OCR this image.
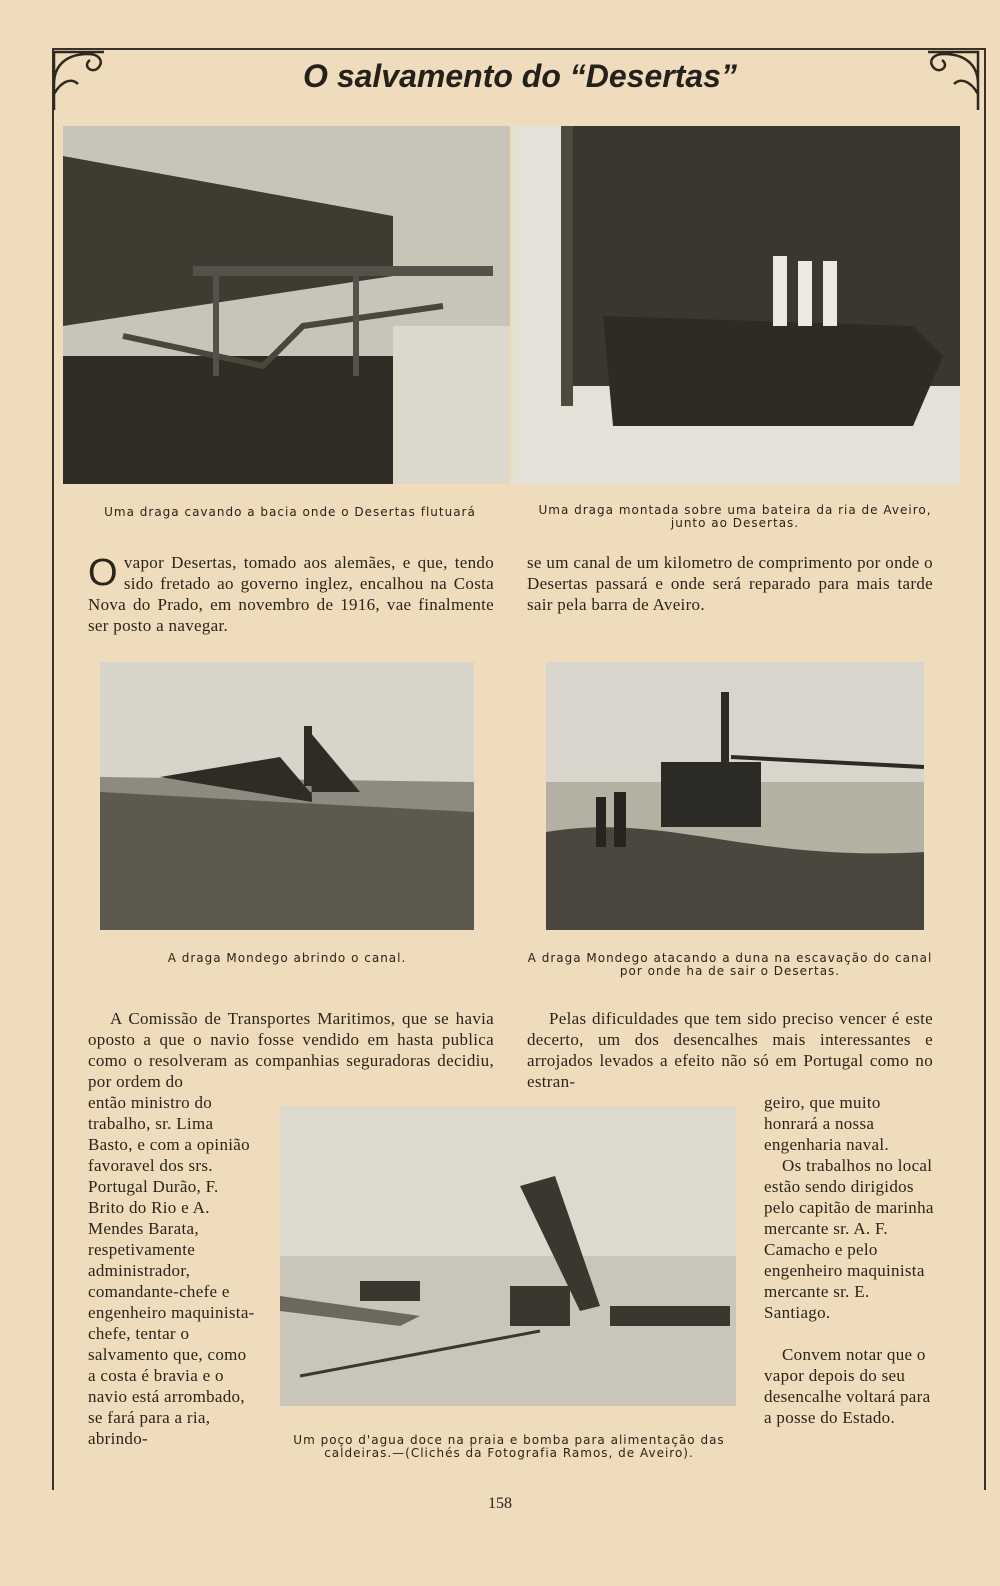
O salvamento do “Desertas”
Uma draga cavando a bacia onde o Desertas flutuará	Uma draga montada sobre uma bateira da ria de Aveiro, junto ao Desertas.
Ovapor Desertas, tomado aos alemães, e que, tendo sido fretado ao governo inglez, encalhou na Costa Nova do Prado, em novembro de 1916, vae finalmente ser posto a navegar.
se um canal de um kilometro de comprimento por onde o Desertas passará e onde será reparado para mais tarde sair pela barra de Aveiro.
A draga Mondego abrindo o canal.	A draga Mondego atacando a duna na escavação do canal por onde ha de sair o Desertas.
A Comissão de Transportes Maritimos, que se havia oposto a que o navio fosse vendido em hasta publica como o resolveram as companhias seguradoras decidiu, por ordem do
então ministro do trabalho, sr. Lima Basto, e com a opinião favoravel dos srs. Portugal Durão, F. Brito do Rio e A. Mendes Barata, respetivamente administrador, comandante-chefe e engenheiro maquinista-chefe, tentar o salvamento que, como a costa é bravia e o navio está arrombado, se fará para a ria, abrindo-
Pelas dificuldades que tem sido preciso vencer é este decerto, um dos desencalhes mais interessantes e arrojados levados a efeito não só em Portugal como no estran-
geiro, que muito honrará a nossa engenharia naval.
Os trabalhos no local estão sendo dirigidos pelo capitão de marinha mercante sr. A. F. Camacho e pelo engenheiro maquinista mercante sr. E. Santiago.
Convem notar que o vapor depois do seu desencalhe voltará para a posse do Estado.
Um poço d'agua doce na praia e bomba para alimentação das caldeiras.—(Clichés da Fotografia Ramos, de Aveiro).
158
